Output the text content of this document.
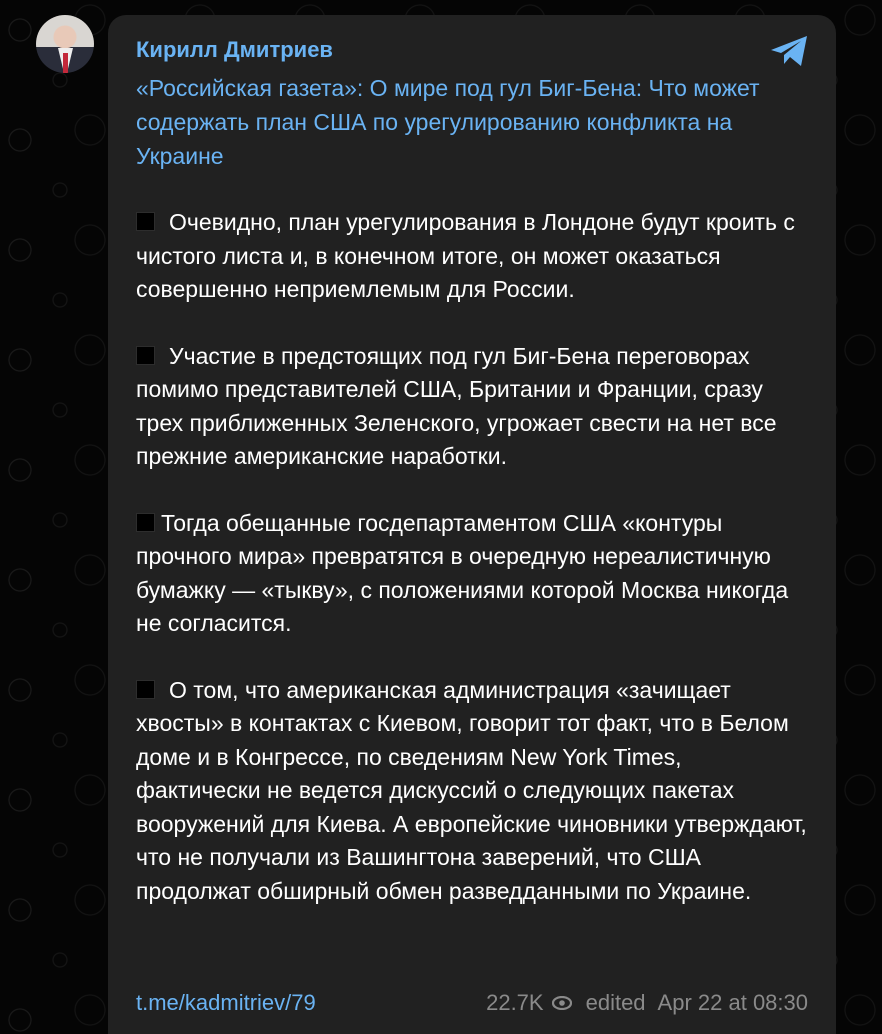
Кирилл Дмитриев
«Российская газета»: О мире под гул Биг-Бена: Что может содержать план США по урегулированию конфликта на Украине
Очевидно, план урегулирования в Лондоне будут кроить с чистого листа и, в конечном итоге, он может оказаться совершенно неприемлемым для России.
Участие в предстоящих под гул Биг-Бена переговорах помимо представителей США, Британии и Франции, сразу трех приближенных Зеленского, угрожает свести на нет все прежние американские наработки.
Тогда обещанные госдепартаментом США «контуры прочного мира» превратятся в очередную нереалистичную бумажку — «тыкву», с положениями которой Москва никогда не согласится.
О том, что американская администрация «зачищает хвосты» в контактах с Киевом, говорит тот факт, что в Белом доме и в Конгрессе, по сведениям New York Times, фактически не ведется дискуссий о следующих пакетах вооружений для Киева. А европейские чиновники утверждают, что не получали из Вашингтона заверений, что США продолжат обширный обмен разведданными по Украине.
t.me/kadmitriev/79	22.7K edited Apr 22 at 08:30
